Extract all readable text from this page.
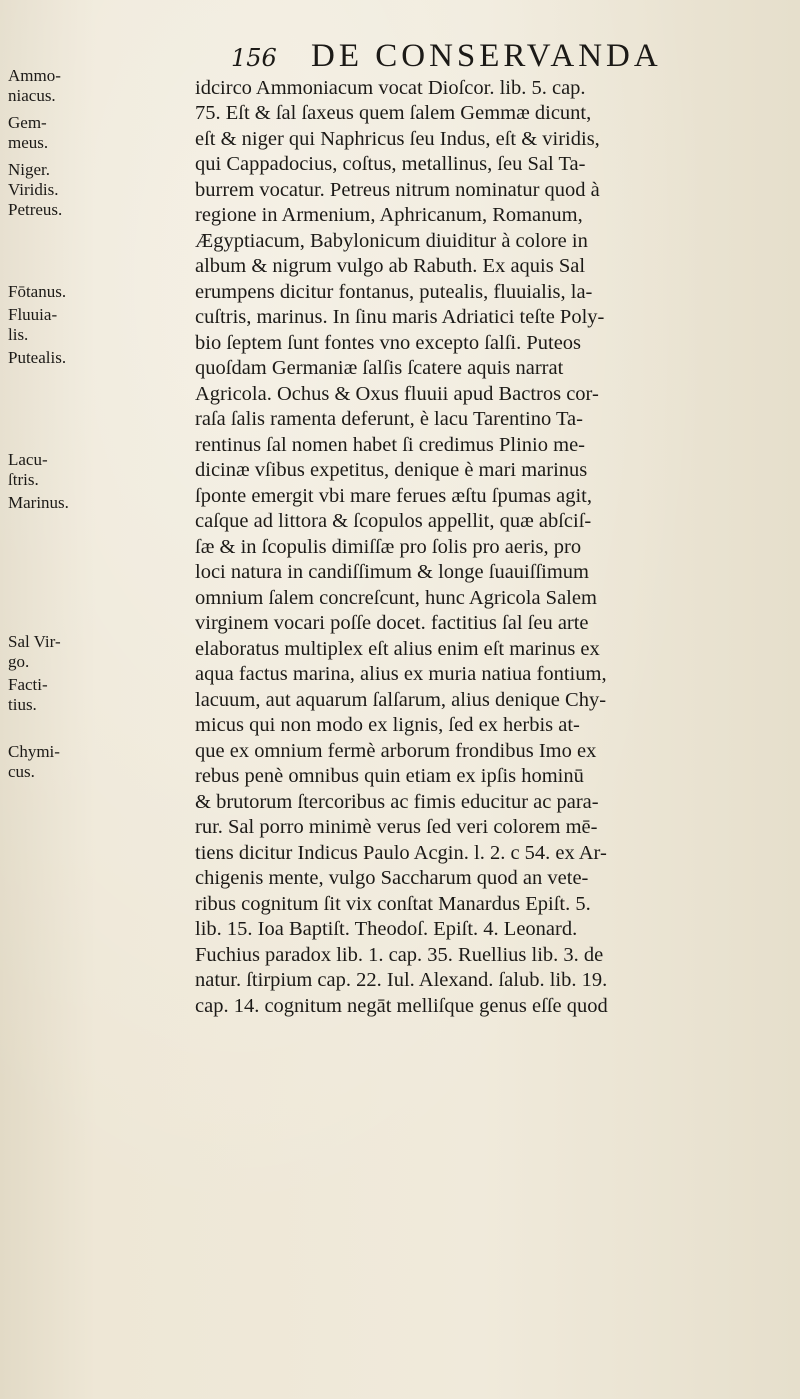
156 DE CONSERVANDA
Ammo-
niacus.
Gem-
meus.
Niger.
Viridis.
Petreus.
Fōtanus.
Fluuia-
lis.
Putealis.
Lacu-
ſtris.
Marinus.
Sal Vir-
go.
Facti-
tius.
Chymi-
cus.
idcirco Ammoniacum vocat Dioſcor. lib. 5. cap.
75. Eſt & ſal ſaxeus quem ſalem Gemmæ dicunt,
eſt & niger qui Naphricus ſeu Indus, eſt & viridis,
qui Cappadocius, coſtus, metallinus, ſeu Sal Ta-
burrem vocatur. Petreus nitrum nominatur quod à
regione in Armenium, Aphricanum, Romanum,
Ægyptiacum, Babylonicum diuiditur à colore in
album & nigrum vulgo ab Rabuth. Ex aquis Sal
erumpens dicitur fontanus, putealis, fluuialis, la-
cuſtris, marinus. In ſinu maris Adriatici teſte Poly-
bio ſeptem ſunt fontes vno excepto ſalſi. Puteos
quoſdam Germaniæ ſalſis ſcatere aquis narrat
Agricola. Ochus & Oxus fluuii apud Bactros cor-
raſa ſalis ramenta deferunt, è lacu Tarentino Ta-
rentinus ſal nomen habet ſi credimus Plinio me-
dicinæ vſibus expetitus, denique è mari marinus
ſponte emergit vbi mare ferues æſtu ſpumas agit,
caſque ad littora & ſcopulos appellit, quæ abſciſ-
ſæ & in ſcopulis dimiſſæ pro ſolis pro aeris, pro
loci natura in candiſſimum & longe ſuauiſſimum
omnium ſalem concreſcunt, hunc Agricola Salem
virginem vocari poſſe docet. factitius ſal ſeu arte
elaboratus multiplex eſt alius enim eſt marinus ex
aqua factus marina, alius ex muria natiua fontium,
lacuum, aut aquarum ſalſarum, alius denique Chy-
micus qui non modo ex lignis, ſed ex herbis at-
que ex omnium fermè arborum frondibus Imo ex
rebus penè omnibus quin etiam ex ipſis hominū
& brutorum ſtercoribus ac fimis educitur ac para-
rur. Sal porro minimè verus ſed veri colorem mē-
tiens dicitur Indicus Paulo Acgin. l. 2. c 54. ex Ar-
chigenis mente, vulgo Saccharum quod an vete-
ribus cognitum ſit vix conſtat Manardus Epiſt. 5.
lib. 15. Ioa Baptiſt. Theodoſ. Epiſt. 4. Leonard.
Fuchius paradox lib. 1. cap. 35. Ruellius lib. 3. de
natur. ſtirpium cap. 22. Iul. Alexand. ſalub. lib. 19.
cap. 14. cognitum negāt melliſque genus eſſe quod
